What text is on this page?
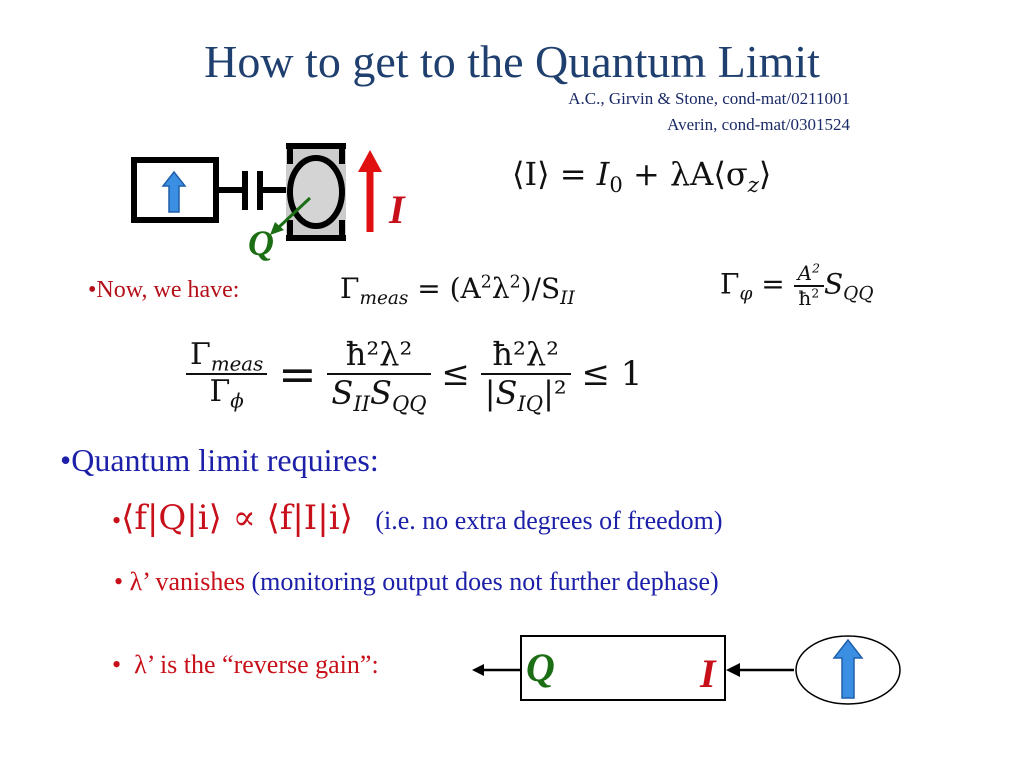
How to get to the Quantum Limit
A.C., Girvin & Stone, cond-mat/0211001
Averin, cond-mat/0301524
Q
I
⟨I⟩ = $I_0$ + $\lambda A⟨\sigma_z⟩$
•Now, we have:	$\Gamma_{meas} = (A^2\lambda^2)/S_{II}$	$\Gamma_\varphi = \frac{A^2}{ħ^2} S_{QQ}$
$\frac{\Gamma_{meas}}{\Gamma_\phi} = \frac{\text{ħ²λ²}}{S_{II}S_{QQ}} \le \frac{\text{ħ²λ²}}{|S_{IQ}|^2} \le 1$
•Quantum limit requires:
•⟨f|Q|i⟩ ∝ ⟨f|I|i⟩ (i.e. no extra degrees of freedom)
• λ’ vanishes (monitoring output does not further dephase)
• λ’ is the “reverse gain”:	Q	I
